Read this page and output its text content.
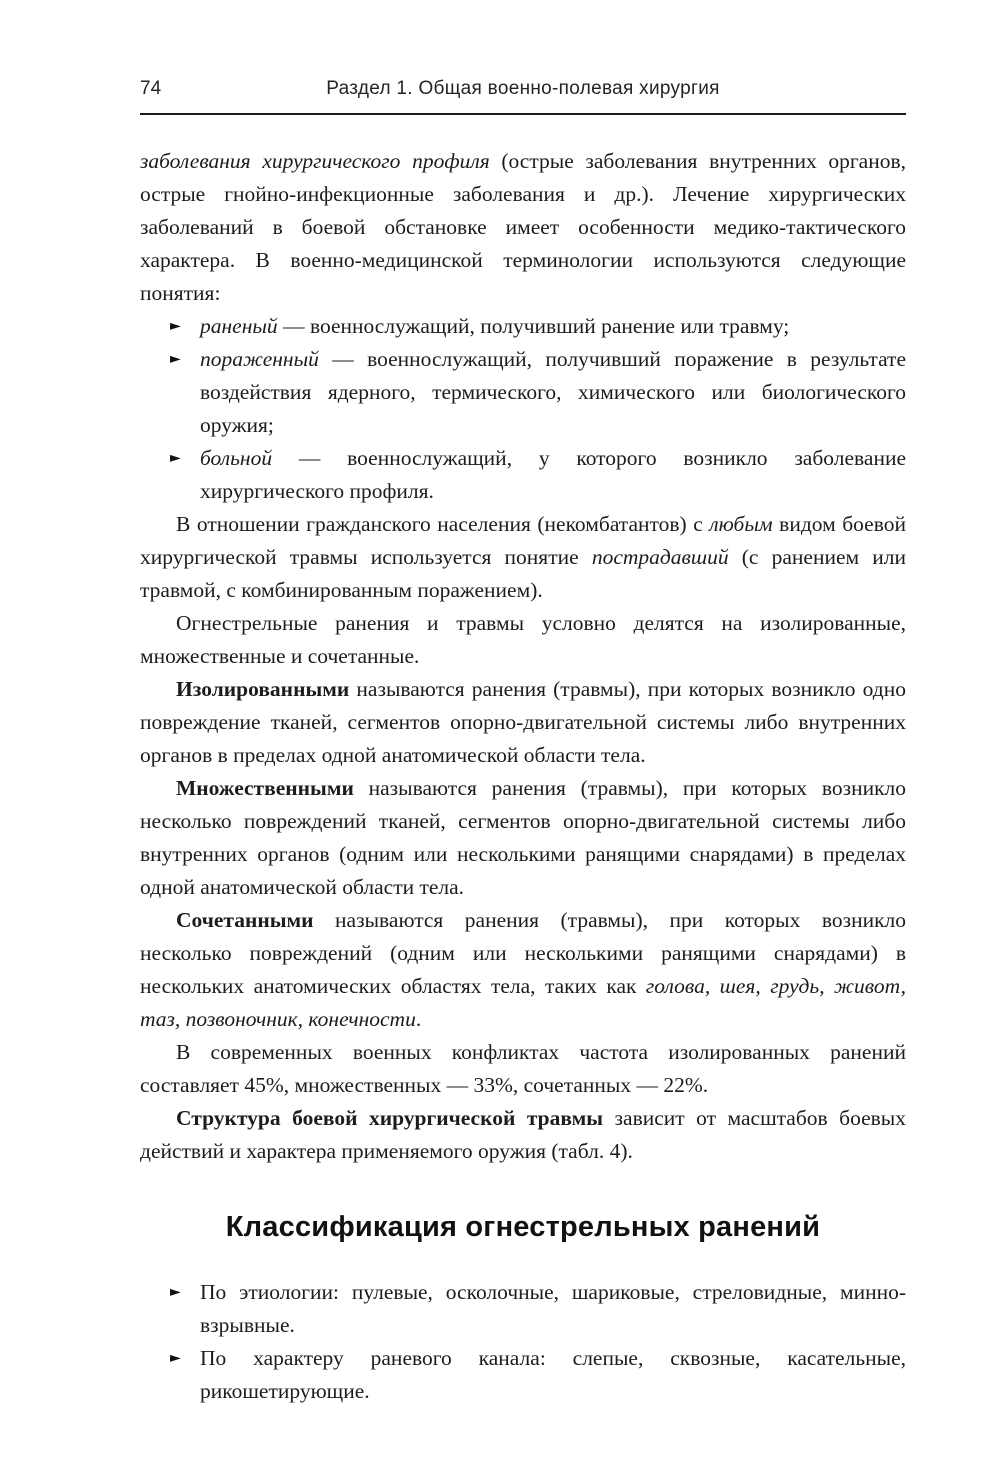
74	Раздел 1. Общая военно-полевая хирургия

заболевания хирургического профиля (острые заболевания внутренних органов, острые гнойно-инфекционные заболевания и др.). Лечение хирургических заболеваний в боевой обстановке имеет особенности медико-тактического характера. В военно-медицинской терминологии используются следующие понятия:

► раненый — военнослужащий, получивший ранение или травму;

► пораженный — военнослужащий, получивший поражение в результате воздействия ядерного, термического, химического или биологического оружия;

► больной — военнослужащий, у которого возникло заболевание хирургического профиля.

В отношении гражданского населения (некомбатантов) с любым видом боевой хирургической травмы используется понятие пострадавший (с ранением или травмой, с комбинированным поражением).

Огнестрельные ранения и травмы условно делятся на изолированные, множественные и сочетанные.

Изолированными называются ранения (травмы), при которых возникло одно повреждение тканей, сегментов опорно-двигательной системы либо внутренних органов в пределах одной анатомической области тела.

Множественными называются ранения (травмы), при которых возникло несколько повреждений тканей, сегментов опорно-двигательной системы либо внутренних органов (одним или несколькими ранящими снарядами) в пределах одной анатомической области тела.

Сочетанными называются ранения (травмы), при которых возникло несколько повреждений (одним или несколькими ранящими снарядами) в нескольких анатомических областях тела, таких как голова, шея, грудь, живот, таз, позвоночник, конечности.

В современных военных конфликтах частота изолированных ранений составляет 45%, множественных — 33%, сочетанных — 22%.

Структура боевой хирургической травмы зависит от масштабов боевых действий и характера применяемого оружия (табл. 4).

Классификация огнестрельных ранений
► По этиологии: пулевые, осколочные, шариковые, стреловидные, минно-взрывные.

► По характеру раневого канала: слепые, сквозные, касательные, рикошетирующие.
